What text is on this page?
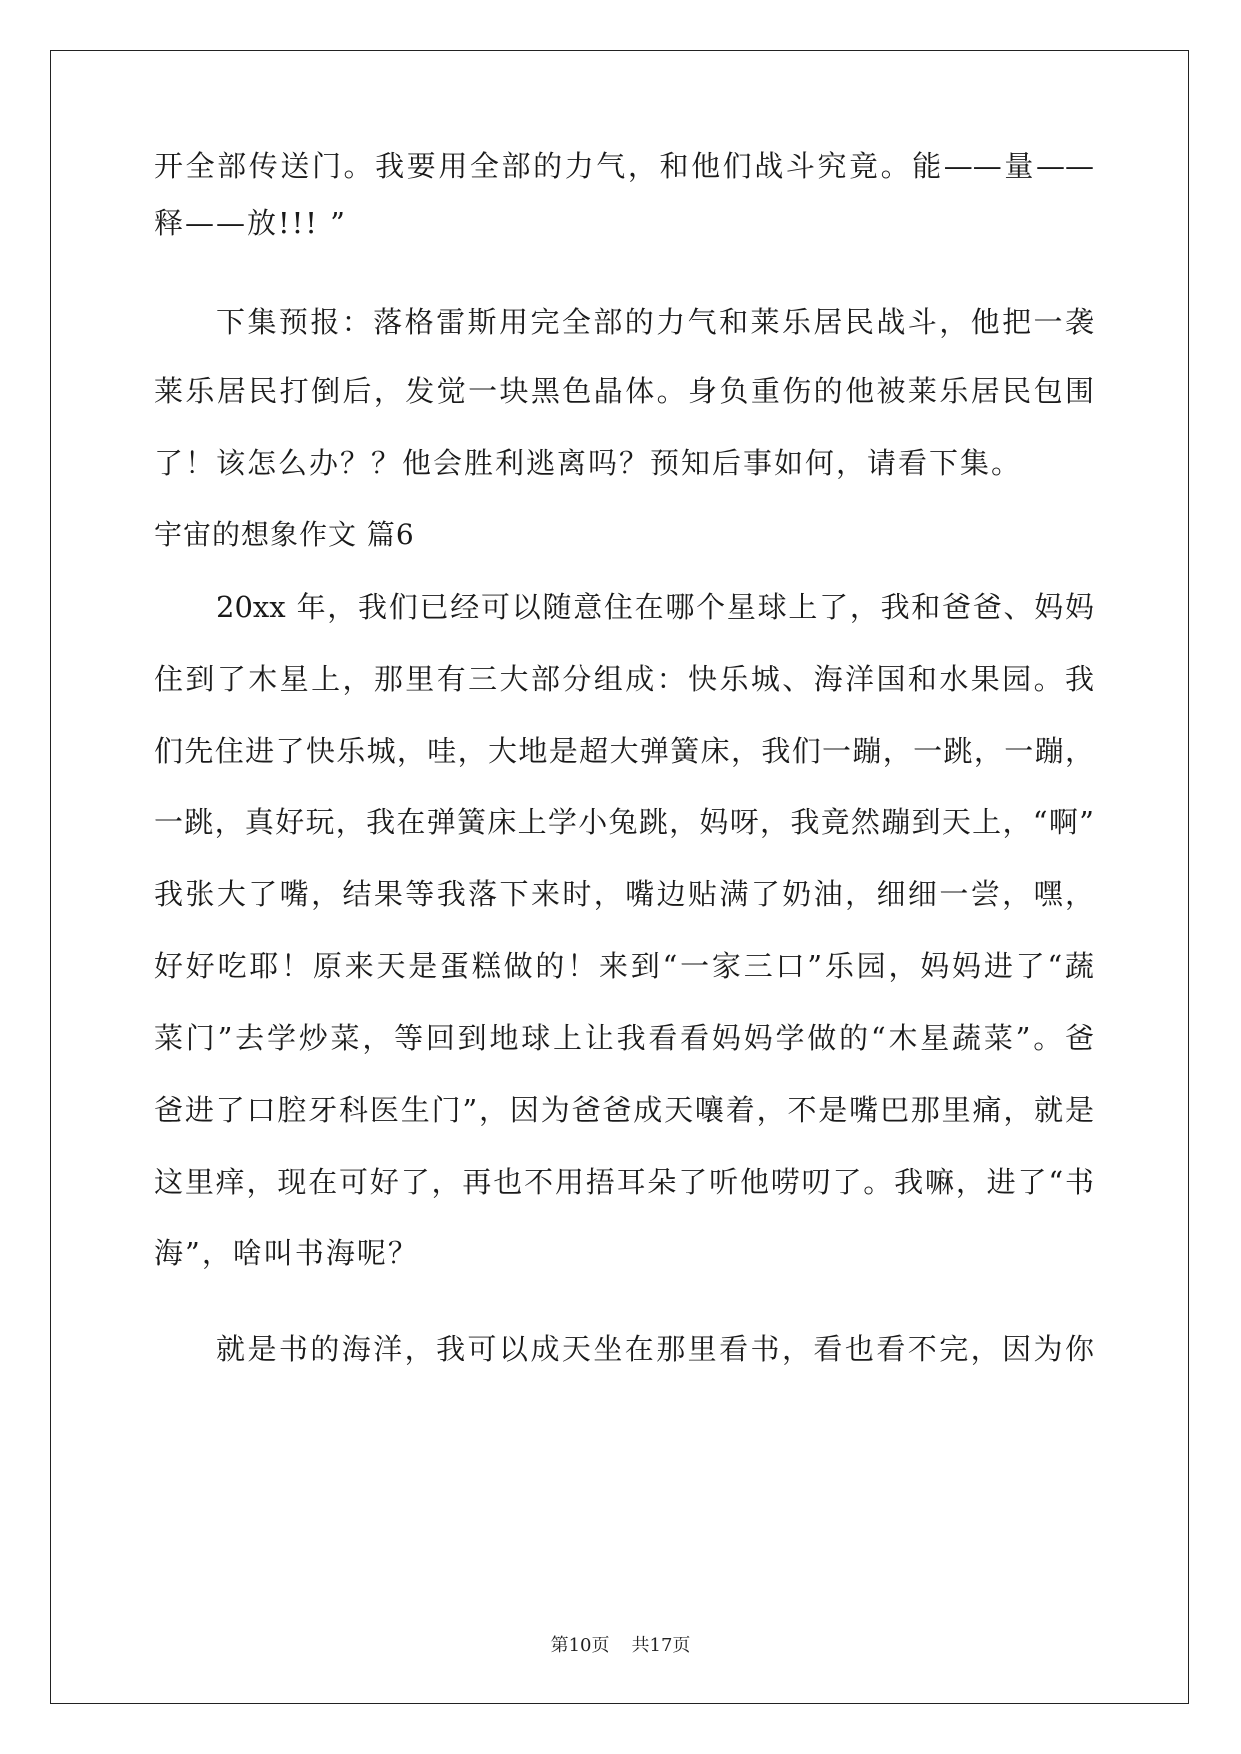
开全部传送门。我要用全部的力气，和他们战斗究竟。能——量——
释——放!!! ”
下集预报：落格雷斯用完全部的力气和莱乐居民战斗，他把一袭
莱乐居民打倒后，发觉一块黑色晶体。身负重伤的他被莱乐居民包围
了！该怎么办？？他会胜利逃离吗？预知后事如何，请看下集。
宇宙的想象作文 篇6
20xx 年，我们已经可以随意住在哪个星球上了，我和爸爸、妈妈
住到了木星上，那里有三大部分组成：快乐城、海洋国和水果园。我
们先住进了快乐城，哇，大地是超大弹簧床，我们一蹦，一跳，一蹦，
一跳，真好玩，我在弹簧床上学小兔跳，妈呀，我竟然蹦到天上，“啊”
我张大了嘴，结果等我落下来时，嘴边贴满了奶油，细细一尝，嘿，
好好吃耶！原来天是蛋糕做的！来到“一家三口”乐园，妈妈进了“蔬
菜门”去学炒菜，等回到地球上让我看看妈妈学做的“木星蔬菜”。爸
爸进了口腔牙科医生门”，因为爸爸成天嚷着，不是嘴巴那里痛，就是
这里痒，现在可好了，再也不用捂耳朵了听他唠叨了。我嘛，进了“书
海”，啥叫书海呢？
就是书的海洋，我可以成天坐在那里看书，看也看不完，因为你
第10页 共17页
